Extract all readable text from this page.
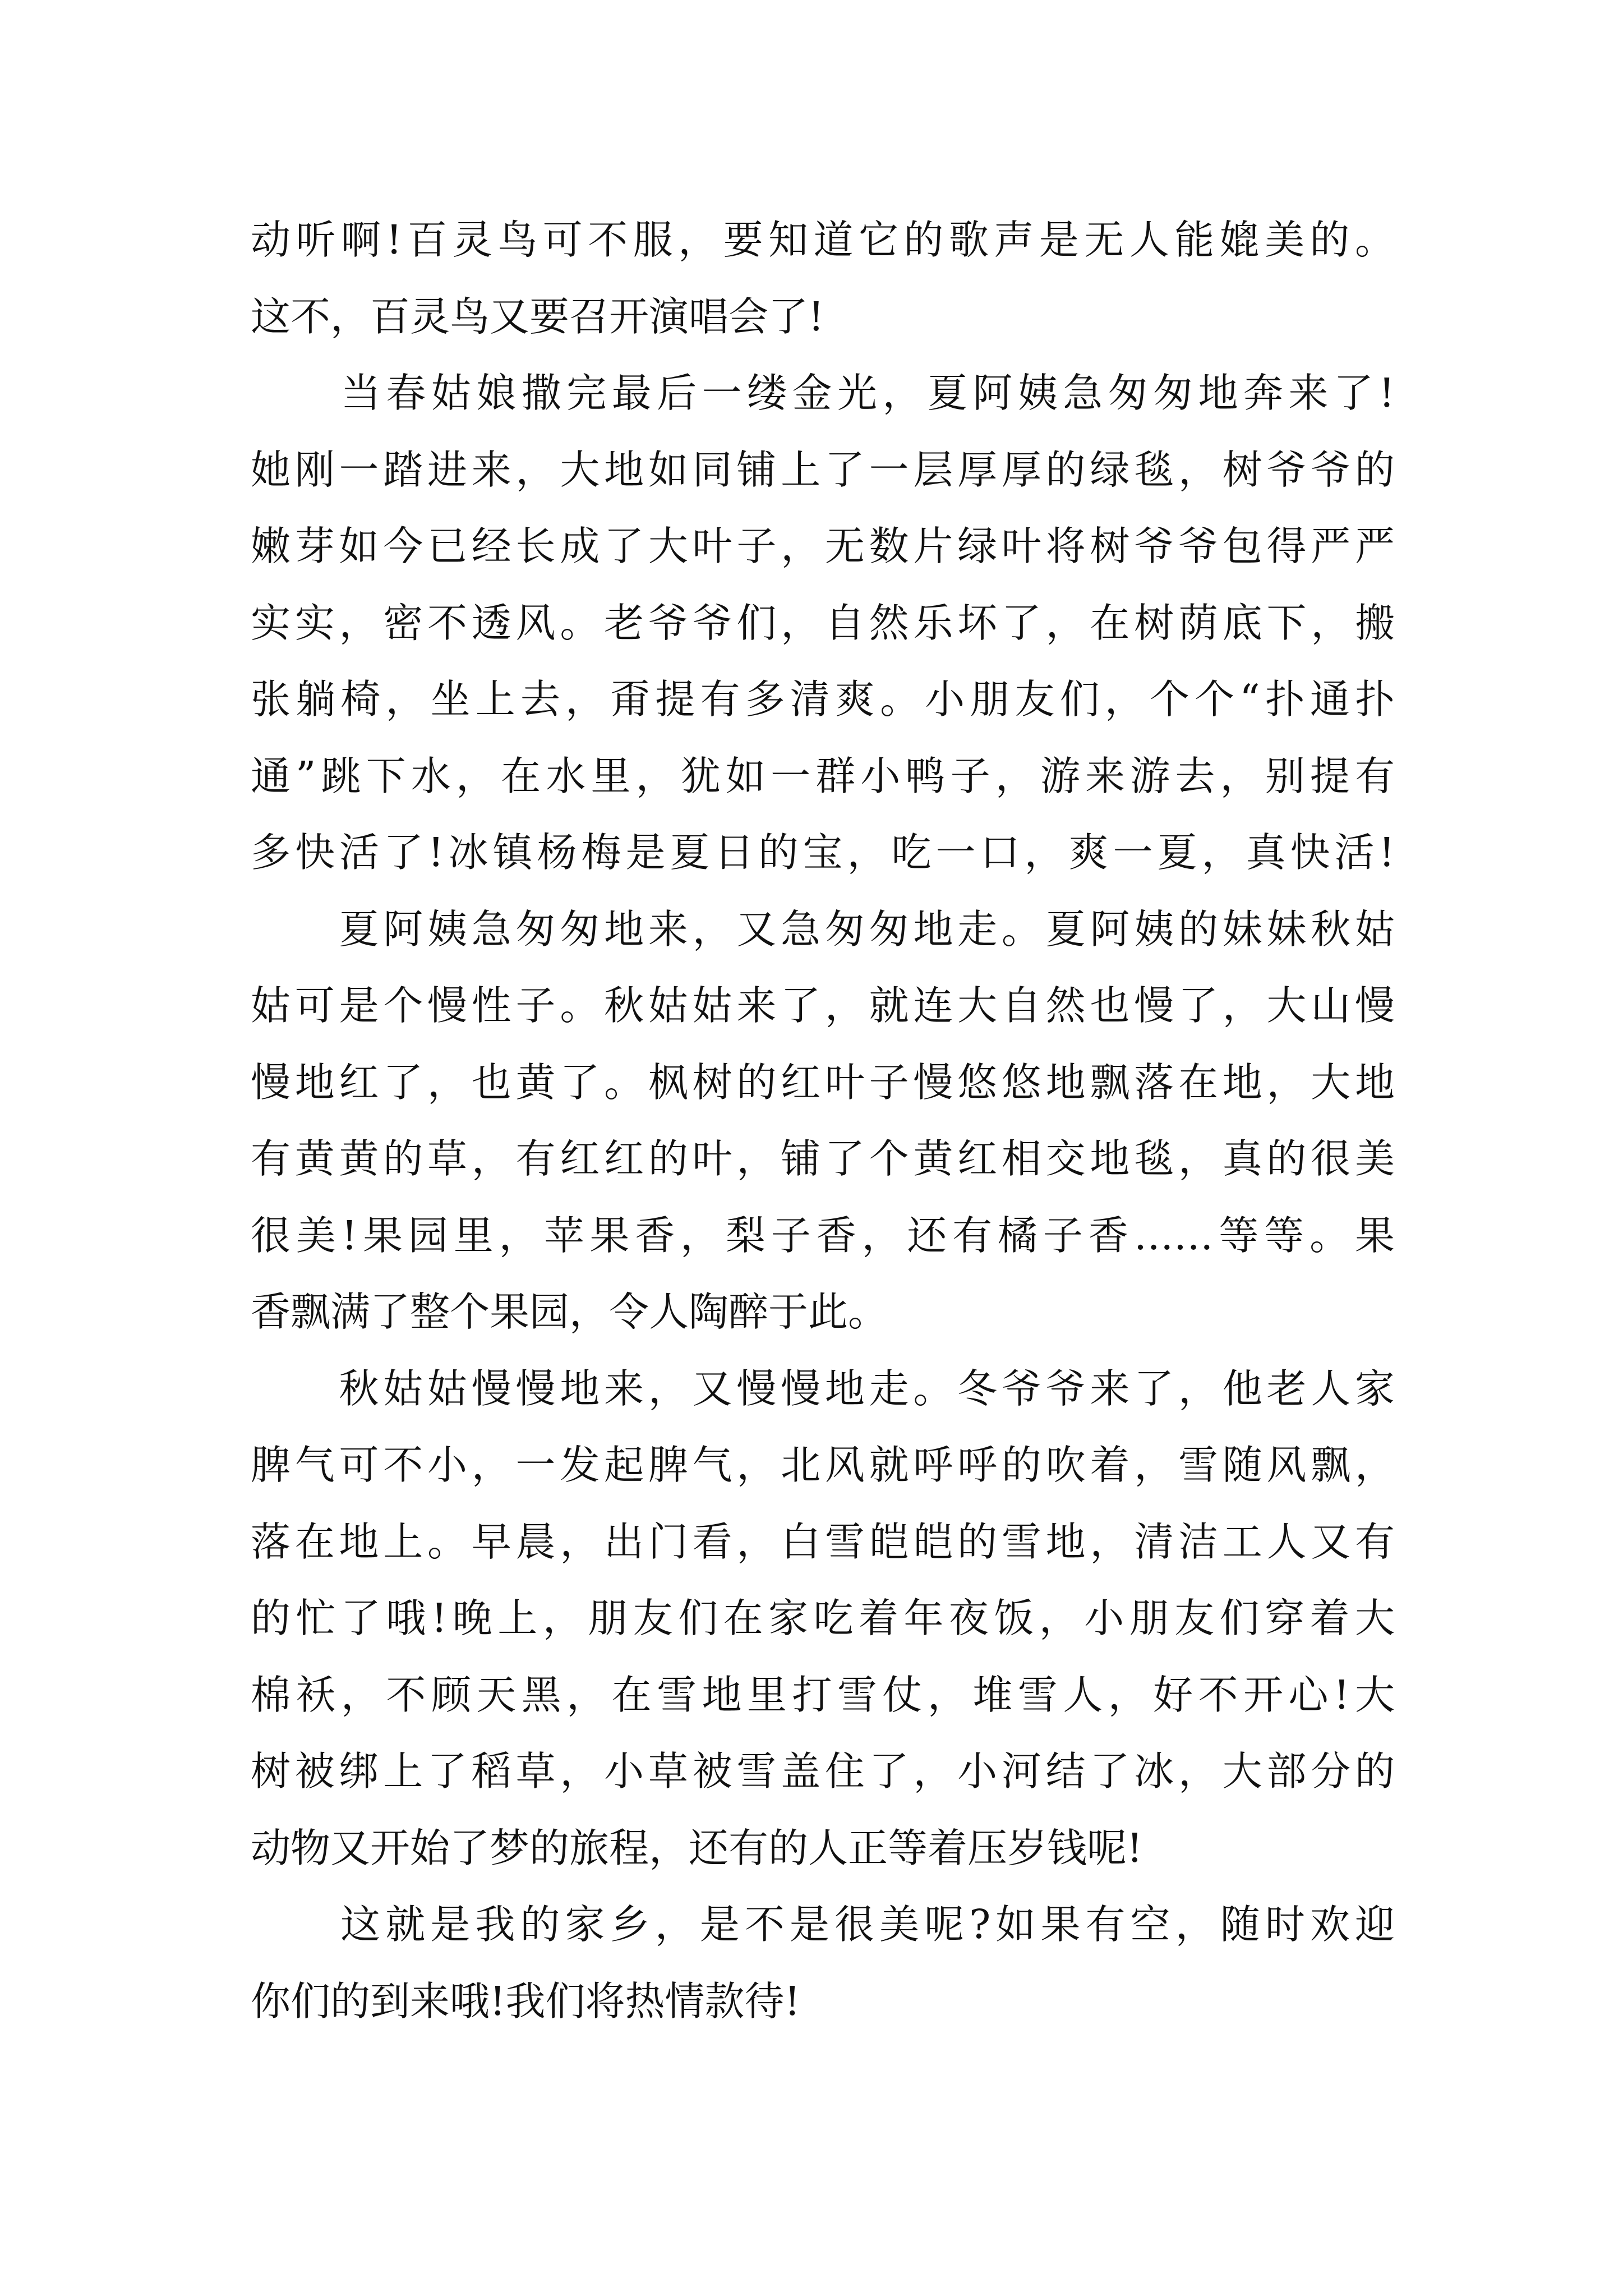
动听啊!百灵鸟可不服，要知道它的歌声是无人能媲美的。
这不，百灵鸟又要召开演唱会了!
　　当春姑娘撒完最后一缕金光，夏阿姨急匆匆地奔来了!
她刚一踏进来，大地如同铺上了一层厚厚的绿毯，树爷爷的
嫩芽如今已经长成了大叶子，无数片绿叶将树爷爷包得严严
实实，密不透风。老爷爷们，自然乐坏了，在树荫底下，搬
张躺椅，坐上去，甭提有多清爽。小朋友们，个个“扑通扑
通”跳下水，在水里，犹如一群小鸭子，游来游去，别提有
多快活了!冰镇杨梅是夏日的宝，吃一口，爽一夏，真快活!
　　夏阿姨急匆匆地来，又急匆匆地走。夏阿姨的妹妹秋姑
姑可是个慢性子。秋姑姑来了，就连大自然也慢了，大山慢
慢地红了，也黄了。枫树的红叶子慢悠悠地飘落在地，大地
有黄黄的草，有红红的叶，铺了个黄红相交地毯，真的很美
很美!果园里，苹果香，梨子香，还有橘子香……等等。果
香飘满了整个果园，令人陶醉于此。
　　秋姑姑慢慢地来，又慢慢地走。冬爷爷来了，他老人家
脾气可不小，一发起脾气，北风就呼呼的吹着，雪随风飘，
落在地上。早晨，出门看，白雪皑皑的雪地，清洁工人又有
的忙了哦!晚上，朋友们在家吃着年夜饭，小朋友们穿着大
棉袄，不顾天黑，在雪地里打雪仗，堆雪人，好不开心!大
树被绑上了稻草，小草被雪盖住了，小河结了冰，大部分的
动物又开始了梦的旅程，还有的人正等着压岁钱呢!
　　这就是我的家乡，是不是很美呢?如果有空，随时欢迎
你们的到来哦!我们将热情款待!
